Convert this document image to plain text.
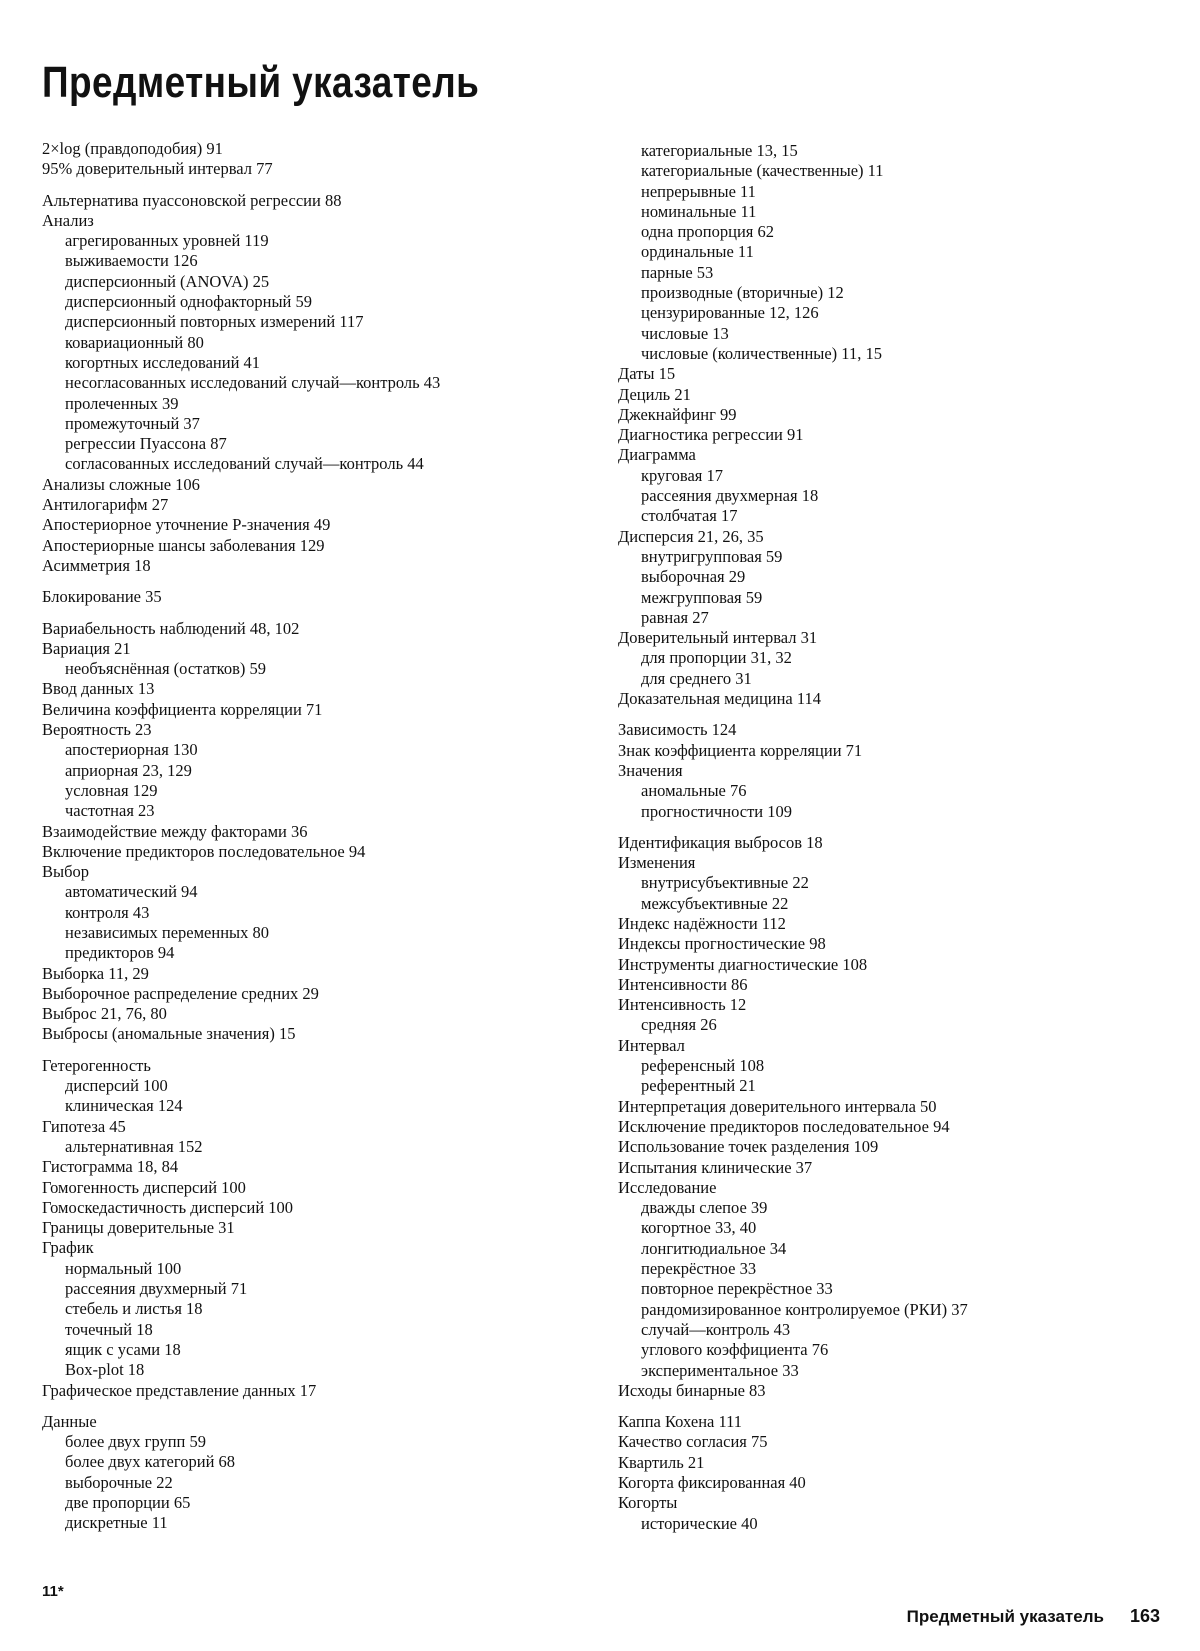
Предметный указатель
2×log (правдоподобия) 91
95% доверительный интервал 77
Альтернатива пуассоновской регрессии 88
Анализ
агрегированных уровней 119
выживаемости 126
дисперсионный (ANOVA) 25
дисперсионный однофакторный 59
дисперсионный повторных измерений 117
ковариационный 80
когортных исследований 41
несогласованных исследований случай—контроль 43
пролеченных 39
промежуточный 37
регрессии Пуассона 87
согласованных исследований случай—контроль 44
Анализы сложные 106
Антилогарифм 27
Апостериорное уточнение Р-значения 49
Апостериорные шансы заболевания 129
Асимметрия 18
Блокирование 35
Вариабельность наблюдений 48, 102
Вариация 21
необъяснённая (остатков) 59
Ввод данных 13
Величина коэффициента корреляции 71
Вероятность 23
апостериорная 130
априорная 23, 129
условная 129
частотная 23
Взаимодействие между факторами 36
Включение предикторов последовательное 94
Выбор
автоматический 94
контроля 43
независимых переменных 80
предикторов 94
Выборка 11, 29
Выборочное распределение средних 29
Выброс 21, 76, 80
Выбросы (аномальные значения) 15
Гетерогенность
дисперсий 100
клиническая 124
Гипотеза 45
альтернативная 152
Гистограмма 18, 84
Гомогенность дисперсий 100
Гомоскедастичность дисперсий 100
Границы доверительные 31
График
нормальный 100
рассеяния двухмерный 71
стебель и листья 18
точечный 18
ящик с усами 18
Box-plot 18
Графическое представление данных 17
Данные
более двух групп 59
более двух категорий 68
выборочные 22
две пропорции 65
дискретные 11
категориальные 13, 15
категориальные (качественные) 11
непрерывные 11
номинальные 11
одна пропорция 62
ординальные 11
парные 53
производные (вторичные) 12
цензурированные 12, 126
числовые 13
числовые (количественные) 11, 15
Даты 15
Дециль 21
Джекнайфинг 99
Диагностика регрессии 91
Диаграмма
круговая 17
рассеяния двухмерная 18
столбчатая 17
Дисперсия 21, 26, 35
внутригрупповая 59
выборочная 29
межгрупповая 59
равная 27
Доверительный интервал 31
для пропорции 31, 32
для среднего 31
Доказательная медицина 114
Зависимость 124
Знак коэффициента корреляции 71
Значения
аномальные 76
прогностичности 109
Идентификация выбросов 18
Изменения
внутрисубъективные 22
межсубъективные 22
Индекс надёжности 112
Индексы прогностические 98
Инструменты диагностические 108
Интенсивности 86
Интенсивность 12
средняя 26
Интервал
референсный 108
референтный 21
Интерпретация доверительного интервала 50
Исключение предикторов последовательное 94
Использование точек разделения 109
Испытания клинические 37
Исследование
дважды слепое 39
когортное 33, 40
лонгитюдиальное 34
перекрёстное 33
повторное перекрёстное 33
рандомизированное контролируемое (РКИ) 37
случай—контроль 43
углового коэффициента 76
экспериментальное 33
Исходы бинарные 83
Каппа Кохена 111
Качество согласия 75
Квартиль 21
Когорта фиксированная 40
Когорты
исторические 40
11*
Предметный указатель 163
